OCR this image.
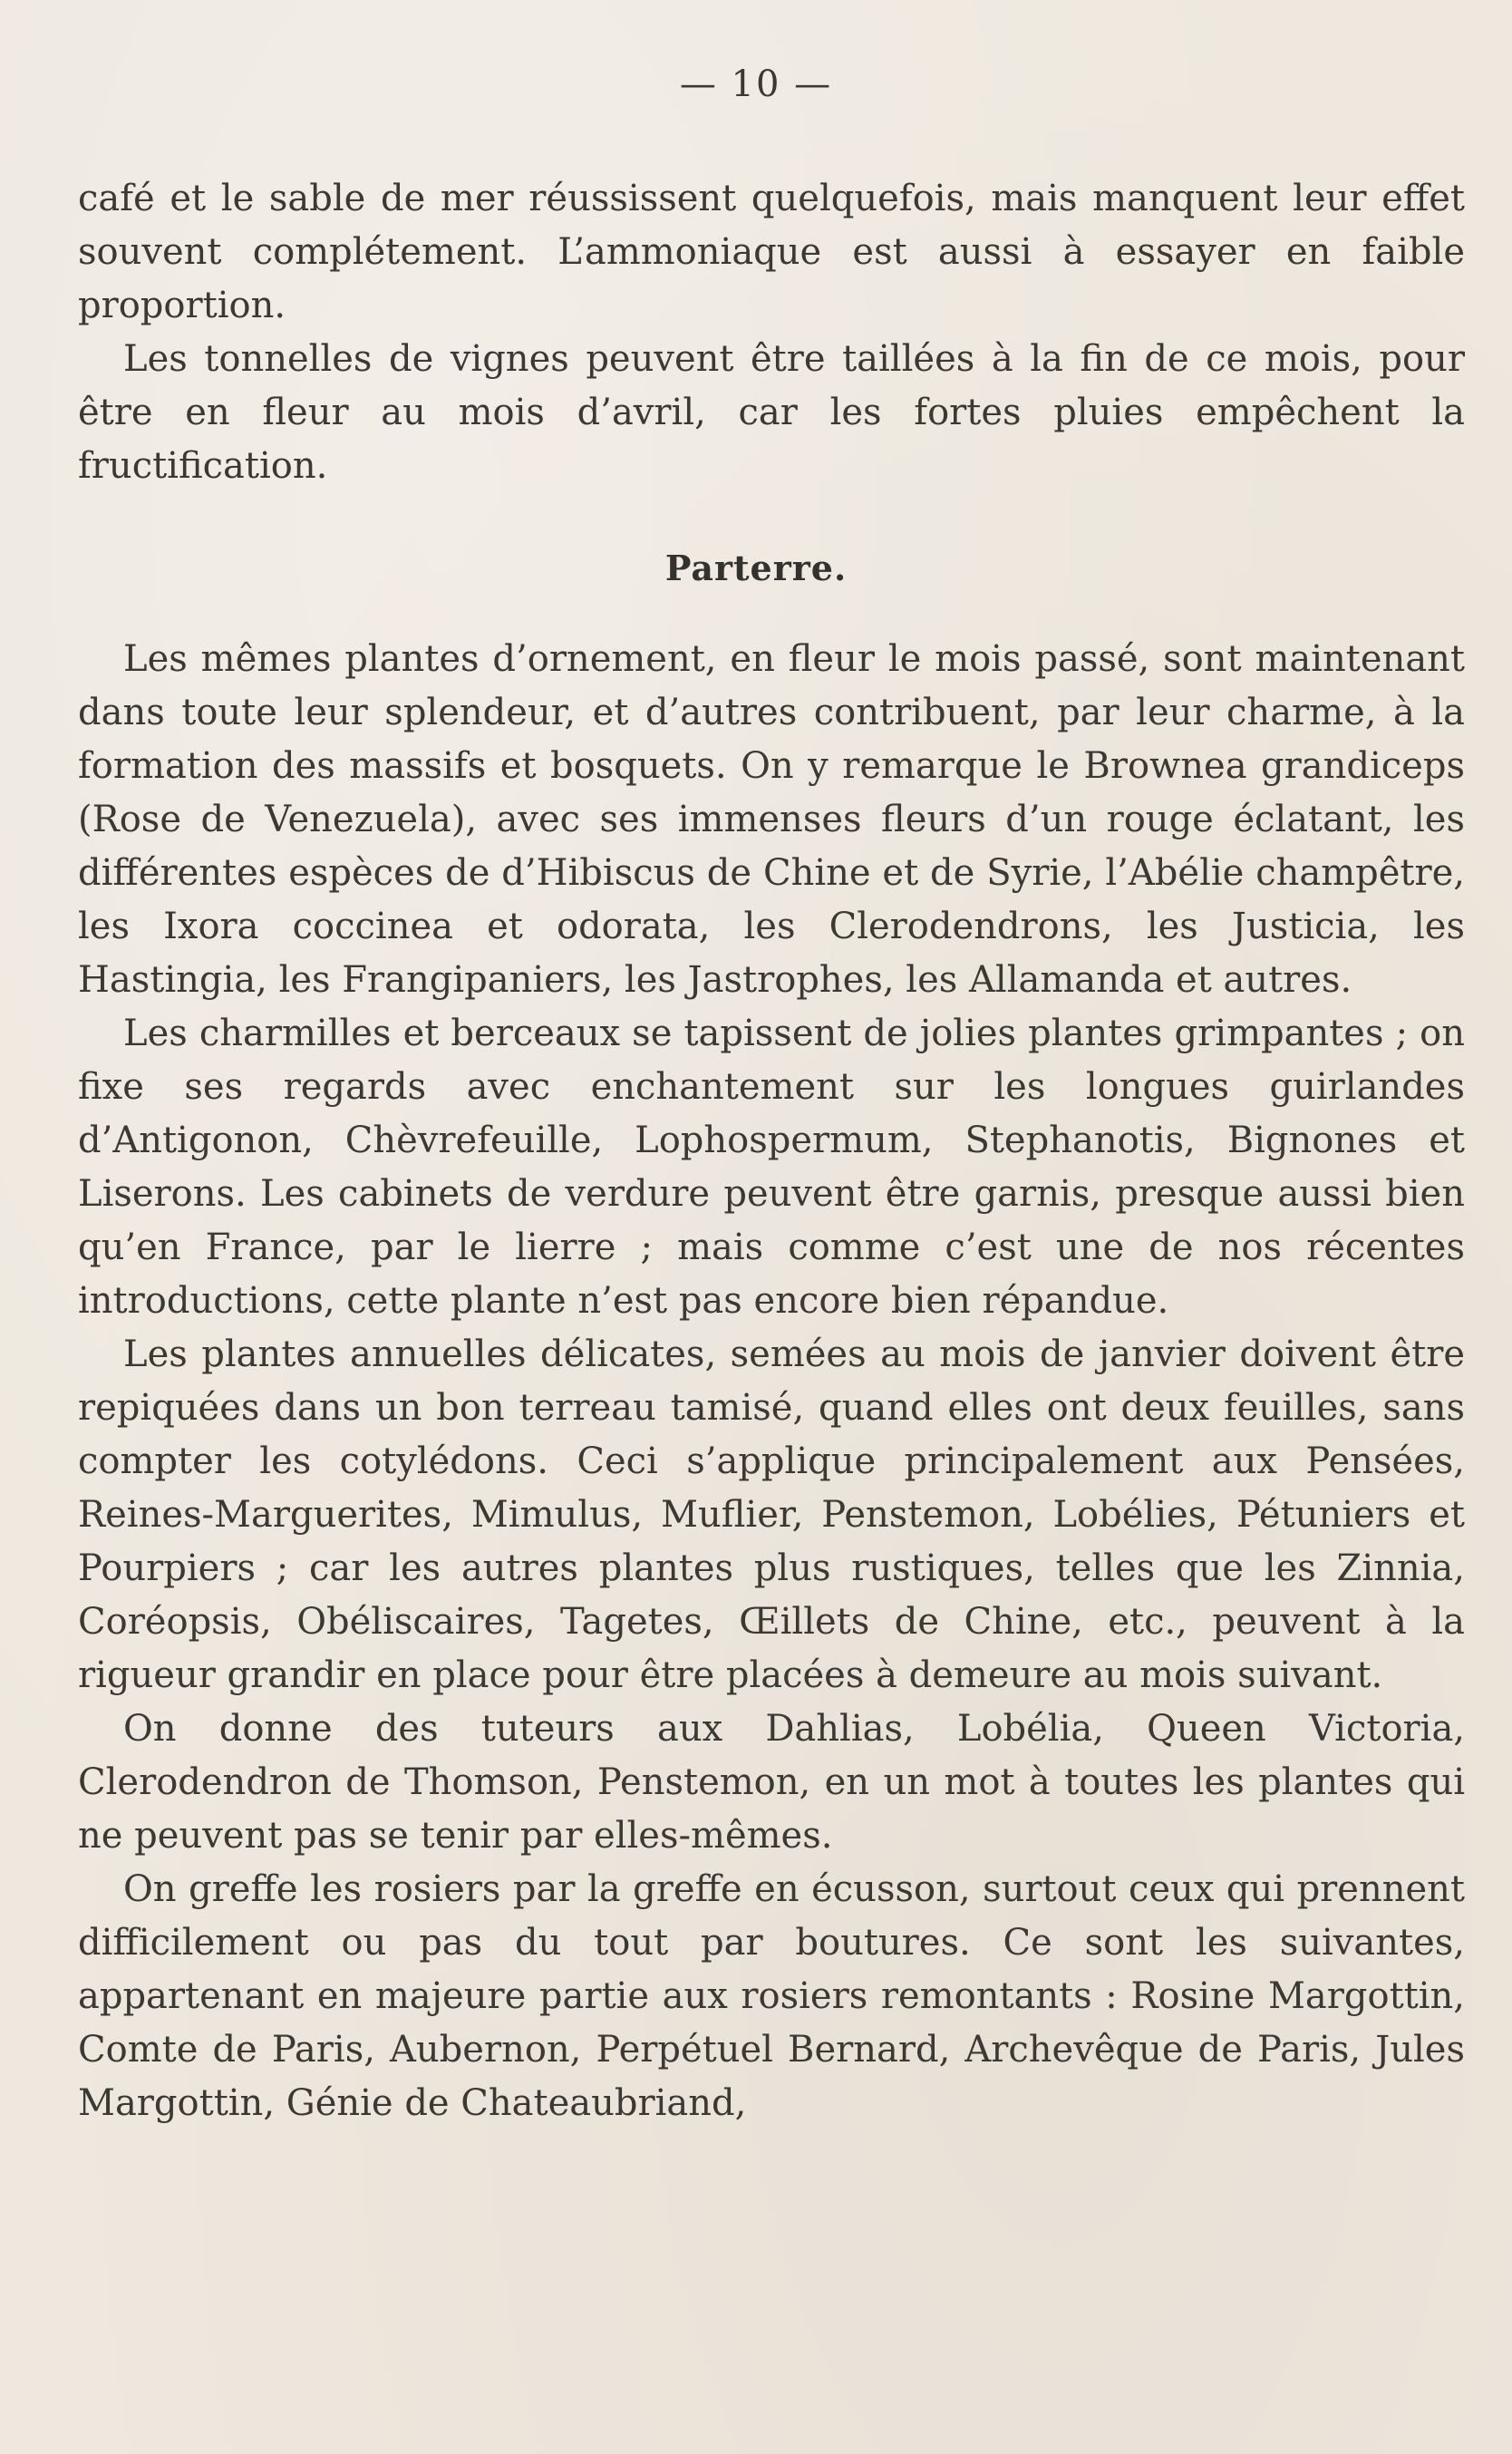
— 10 —

café et le sable de mer réussissent quelquefois, mais manquent leur effet souvent complétement. L’ammoniaque est aussi à essayer en faible proportion.

Les tonnelles de vignes peuvent être taillées à la fin de ce mois, pour être en fleur au mois d’avril, car les fortes pluies empêchent la fructification.

Parterre.

Les mêmes plantes d’ornement, en fleur le mois passé, sont maintenant dans toute leur splendeur, et d’autres contribuent, par leur charme, à la formation des massifs et bosquets. On y remarque le Brownea grandiceps (Rose de Venezuela), avec ses immenses fleurs d’un rouge éclatant, les différentes espèces de d’Hibiscus de Chine et de Syrie, l’Abélie champêtre, les Ixora coccinea et odorata, les Clerodendrons, les Justicia, les Hastingia, les Frangipaniers, les Jastrophes, les Allamanda et autres.

Les charmilles et berceaux se tapissent de jolies plantes grimpantes ; on fixe ses regards avec enchantement sur les longues guirlandes d’Antigonon, Chèvrefeuille, Lophospermum, Stephanotis, Bignones et Liserons. Les cabinets de verdure peuvent être garnis, presque aussi bien qu’en France, par le lierre ; mais comme c’est une de nos récentes introductions, cette plante n’est pas encore bien répandue.

Les plantes annuelles délicates, semées au mois de janvier doivent être repiquées dans un bon terreau tamisé, quand elles ont deux feuilles, sans compter les cotylédons. Ceci s’applique principalement aux Pensées, Reines-Marguerites, Mimulus, Muflier, Penstemon, Lobélies, Pétuniers et Pourpiers ; car les autres plantes plus rustiques, telles que les Zinnia, Coréopsis, Obéliscaires, Tagetes, Œillets de Chine, etc., peuvent à la rigueur grandir en place pour être placées à demeure au mois suivant.

On donne des tuteurs aux Dahlias, Lobélia, Queen Victoria, Clerodendron de Thomson, Penstemon, en un mot à toutes les plantes qui ne peuvent pas se tenir par elles-mêmes.

On greffe les rosiers par la greffe en écusson, surtout ceux qui prennent difficilement ou pas du tout par boutures. Ce sont les suivantes, appartenant en majeure partie aux rosiers remontants : Rosine Margottin, Comte de Paris, Aubernon, Perpétuel Bernard, Archevêque de Paris, Jules Margottin, Génie de Chateaubriand,
